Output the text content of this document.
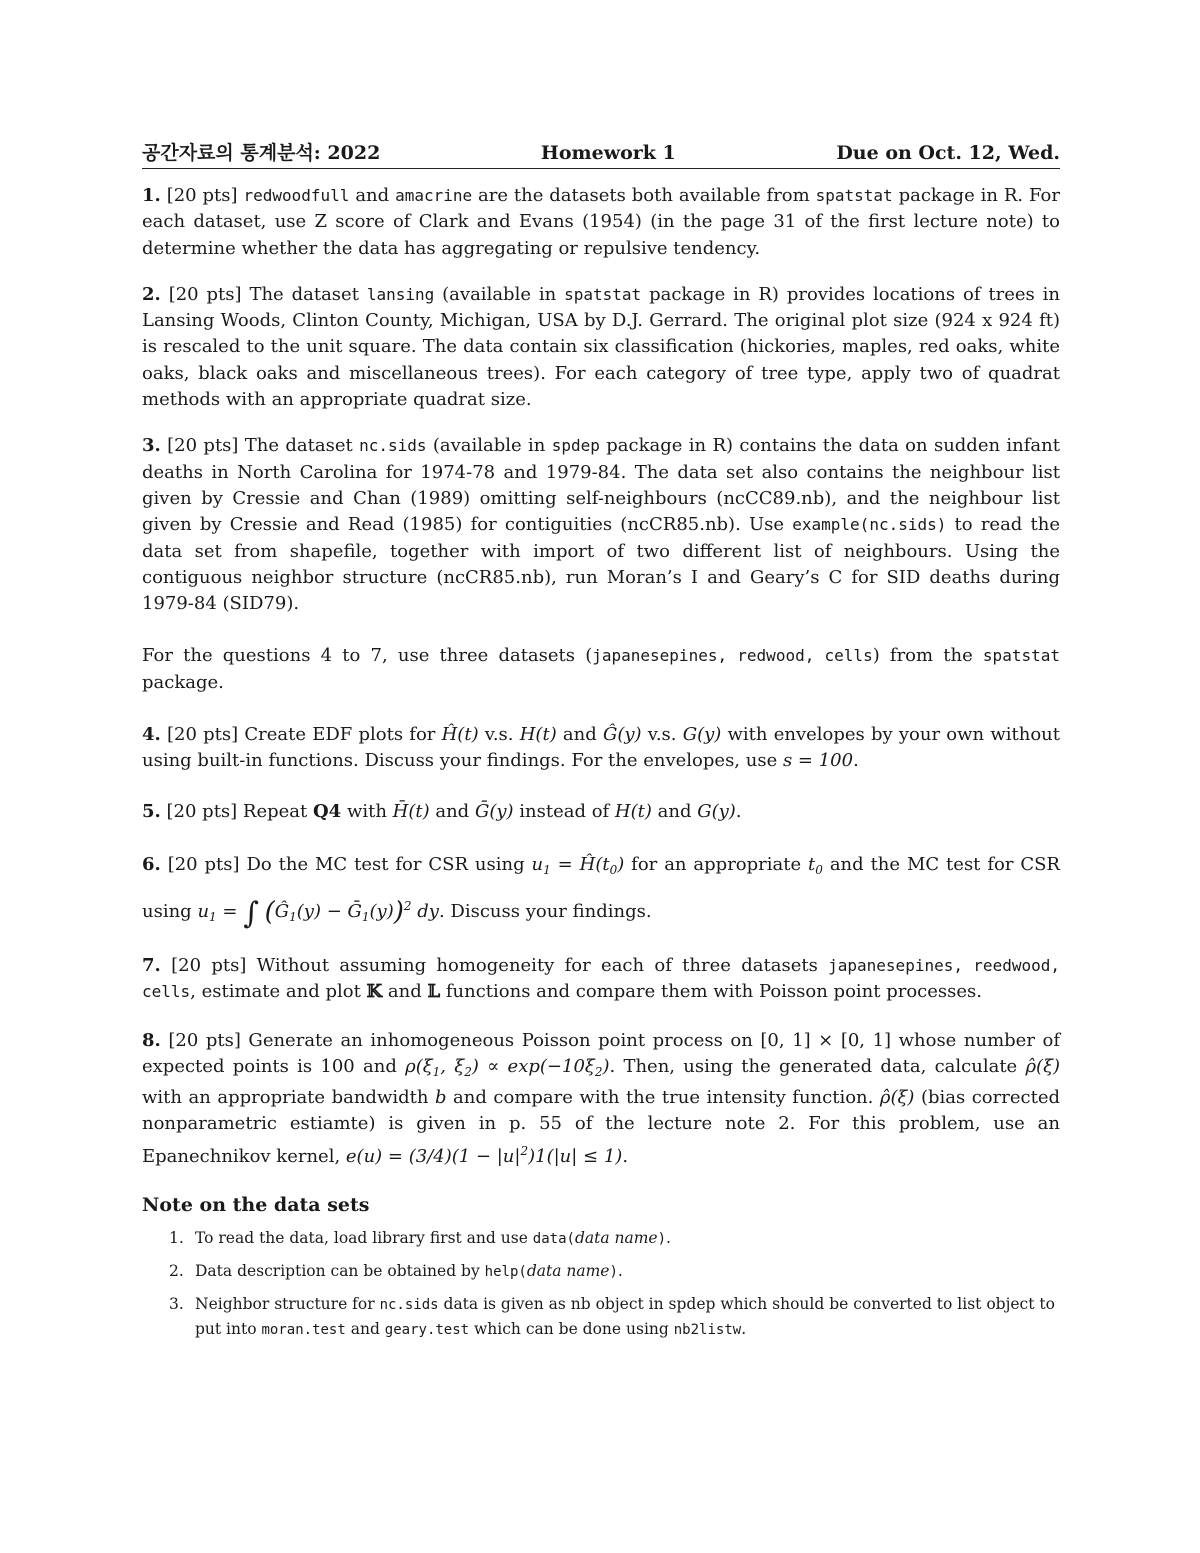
공간자료의 통계분석: 2022	Homework 1	Due on Oct. 12, Wed.

1. [20 pts] redwoodfull and amacrine are the datasets both available from spatstat package in R. For each dataset, use Z score of Clark and Evans (1954) (in the page 31 of the first lecture note) to determine whether the data has aggregating or repulsive tendency.

2. [20 pts] The dataset lansing (available in spatstat package in R) provides locations of trees in Lansing Woods, Clinton County, Michigan, USA by D.J. Gerrard. The original plot size (924 x 924 ft) is rescaled to the unit square. The data contain six classification (hickories, maples, red oaks, white oaks, black oaks and miscellaneous trees). For each category of tree type, apply two of quadrat methods with an appropriate quadrat size.

3. [20 pts] The dataset nc.sids (available in spdep package in R) contains the data on sudden infant deaths in North Carolina for 1974-78 and 1979-84. The data set also contains the neighbour list given by Cressie and Chan (1989) omitting self-neighbours (ncCC89.nb), and the neighbour list given by Cressie and Read (1985) for contiguities (ncCR85.nb). Use example(nc.sids) to read the data set from shapefile, together with import of two different list of neighbours. Using the contiguous neighbor structure (ncCR85.nb), run Moran’s I and Geary’s C for SID deaths during 1979-84 (SID79).

For the questions 4 to 7, use three datasets (japanesepines, redwood, cells) from the spatstat package.

4. [20 pts] Create EDF plots for Ĥ(t) v.s. H(t) and Ĝ(y) v.s. G(y) with envelopes by your own without using built-in functions. Discuss your findings. For the envelopes, use s = 100.

5. [20 pts] Repeat Q4 with H̄(t) and Ḡ(y) instead of H(t) and G(y).

6. [20 pts] Do the MC test for CSR using $u_1$ = $Ĥ(t_0)$ for an appropriate $t_0$ and the MC test for CSR using $u_1$ = ∫ ($Ĝ_1(y)$ − Ḡ$_1$(y))$^2$ dy. Discuss your findings.

7. [20 pts] Without assuming homogeneity for each of three datasets japanesepines, reedwood, cells, estimate and plot 𝕂 and 𝕃 functions and compare them with Poisson point processes.

8. [20 pts] Generate an inhomogeneous Poisson point process on [0, 1] × [0, 1] whose number of expected points is 100 and $\rho(\xi_1$, $\xi_2) \propto \exp(-10\xi_2)$. Then, using the generated data, calculate ρ̂(ξ) with an appropriate bandwidth b and compare with the true intensity function. ρ̂(ξ) (bias corrected nonparametric estiamte) is given in p. 55 of the lecture note 2. For this problem, use an Epanechnikov kernel, $e(u) = (3/4)(1 - |u|^2)1(|u| \le 1)$.

Note on the data sets

1. To read the data, load library first and use data(data name).
2. Data description can be obtained by help(data name).
3. Neighbor structure for nc.sids data is given as nb object in spdep which should be converted to list object to put into moran.test and geary.test which can be done using nb2listw.
